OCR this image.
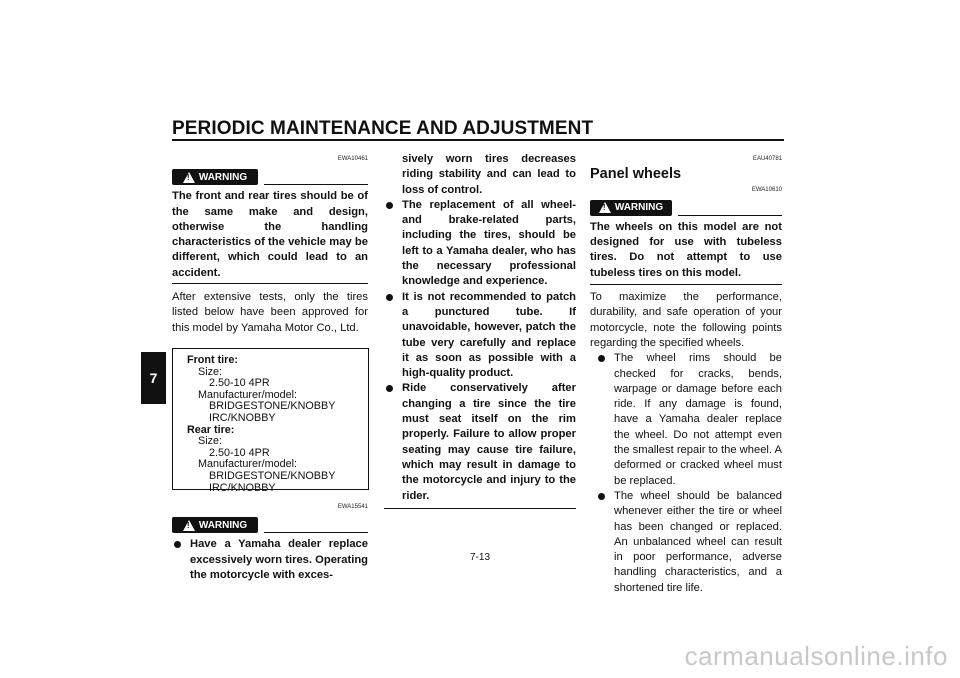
PERIODIC MAINTENANCE AND ADJUSTMENT
7
EWA10461
!
WARNING

The front and rear tires should be of the same make and design, otherwise the handling characteristics of the vehicle may be different, which could lead to an accident.

After extensive tests, only the tires listed below have been approved for this model by Yamaha Motor Co., Ltd.

Front tire:
Size:
2.50-10 4PR
Manufacturer/model:
BRIDGESTONE/KNOBBY
IRC/KNOBBY
Rear tire:
Size:
2.50-10 4PR
Manufacturer/model:
BRIDGESTONE/KNOBBY
IRC/KNOBBY
EWA15541
!
WARNING

Have a Yamaha dealer replace excessively worn tires. Operating the motorcycle with exces-

sively worn tires decreases riding stability and can lead to loss of control.

The replacement of all wheel- and brake-related parts, including the tires, should be left to a Yamaha dealer, who has the necessary professional knowledge and experience.

It is not recommended to patch a punctured tube. If unavoidable, however, patch the tube very carefully and replace it as soon as possible with a high-quality product.

Ride conservatively after changing a tire since the tire must seat itself on the rim properly. Failure to allow proper seating may cause tire failure, which may result in damage to the motorcycle and injury to the rider.

EAU40781
Panel wheels
EWA10610
!
WARNING

The wheels on this model are not designed for use with tubeless tires. Do not attempt to use tubeless tires on this model.

To maximize the performance, durability, and safe operation of your motorcycle, note the following points regarding the specified wheels.

The wheel rims should be checked for cracks, bends, warpage or damage before each ride. If any damage is found, have a Yamaha dealer replace the wheel. Do not attempt even the smallest repair to the wheel. A deformed or cracked wheel must be replaced.

The wheel should be balanced whenever either the tire or wheel has been changed or replaced. An unbalanced wheel can result in poor performance, adverse handling characteristics, and a shortened tire life.

7-13
carmanualsonline.info
